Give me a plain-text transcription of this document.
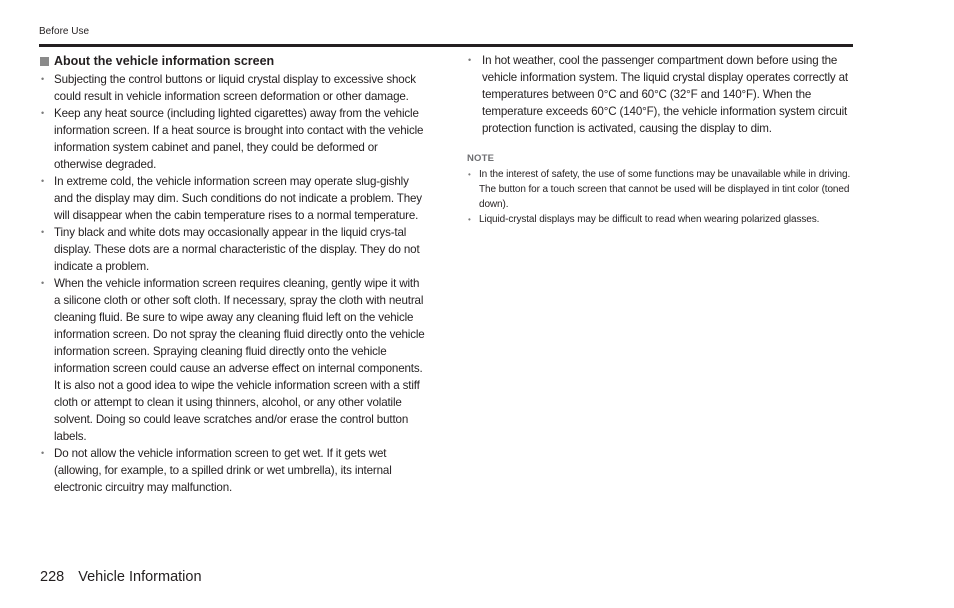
Before Use
About the vehicle information screen
• Subjecting the control buttons or liquid crystal display to excessive shock could result in vehicle information screen deformation or other damage.
• Keep any heat source (including lighted cigarettes) away from the vehicle information screen. If a heat source is brought into contact with the vehicle information system cabinet and panel, they could be deformed or otherwise degraded.
• In extreme cold, the vehicle information screen may operate slug-gishly and the display may dim. Such conditions do not indicate a problem. They will disappear when the cabin temperature rises to a normal temperature.
• Tiny black and white dots may occasionally appear in the liquid crys-tal display. These dots are a normal characteristic of the display. They do not indicate a problem.
• When the vehicle information screen requires cleaning, gently wipe it with a silicone cloth or other soft cloth. If necessary, spray the cloth with neutral cleaning fluid. Be sure to wipe away any cleaning fluid left on the vehicle information screen. Do not spray the cleaning fluid directly onto the vehicle information screen. Spraying cleaning fluid directly onto the vehicle information screen could cause an adverse effect on internal components. It is also not a good idea to wipe the vehicle information screen with a stiff cloth or attempt to clean it using thinners, alcohol, or any other volatile solvent. Doing so could leave scratches and/or erase the control button labels.
• Do not allow the vehicle information screen to get wet. If it gets wet (allowing, for example, to a spilled drink or wet umbrella), its internal electronic circuitry may malfunction.
• In hot weather, cool the passenger compartment down before using the vehicle information system. The liquid crystal display operates correctly at temperatures between 0°C and 60°C (32°F and 140°F). When the temperature exceeds 60°C (140°F), the vehicle information system circuit protection function is activated, causing the display to dim.
NOTE
• In the interest of safety, the use of some functions may be unavailable while in driving. The button for a touch screen that cannot be used will be displayed in tint color (toned down).
• Liquid-crystal displays may be difficult to read when wearing polarized glasses.
228 Vehicle Information
